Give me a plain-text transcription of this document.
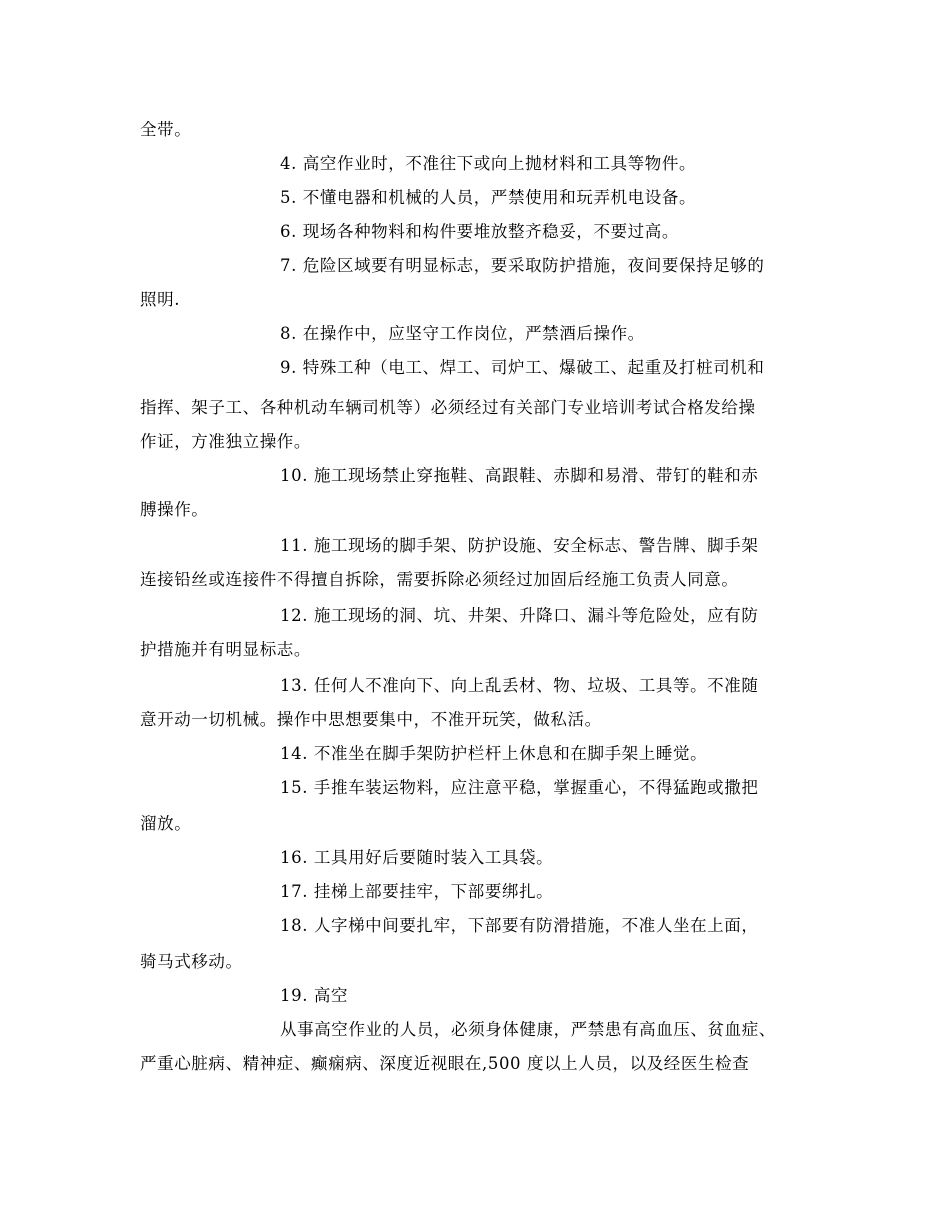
全带。
4. 高空作业时，不准往下或向上抛材料和工具等物件。
5. 不懂电器和机械的人员，严禁使用和玩弄机电设备。
6. 现场各种物料和构件要堆放整齐稳妥，不要过高。
7. 危险区域要有明显标志，要采取防护措施，夜间要保持足够的
照明.
8. 在操作中，应坚守工作岗位，严禁酒后操作。
9. 特殊工种（电工、焊工、司炉工、爆破工、起重及打桩司机和
指挥、架子工、各种机动车辆司机等）必须经过有关部门专业培训考试合格发给操
作证，方准独立操作。
10. 施工现场禁止穿拖鞋、高跟鞋、赤脚和易滑、带钉的鞋和赤
膊操作。
11. 施工现场的脚手架、防护设施、安全标志、警告牌、脚手架
连接铅丝或连接件不得擅自拆除，需要拆除必须经过加固后经施工负责人同意。
12. 施工现场的洞、坑、井架、升降口、漏斗等危险处，应有防
护措施并有明显标志。
13. 任何人不准向下、向上乱丢材、物、垃圾、工具等。不准随
意开动一切机械。操作中思想要集中，不准开玩笑，做私活。
14. 不准坐在脚手架防护栏杆上休息和在脚手架上睡觉。
15. 手推车装运物料，应注意平稳，掌握重心，不得猛跑或撒把
溜放。
16. 工具用好后要随时装入工具袋。
17. 挂梯上部要挂牢，下部要绑扎。
18. 人字梯中间要扎牢，下部要有防滑措施，不准人坐在上面，
骑马式移动。
19. 高空
从事高空作业的人员，必须身体健康，严禁患有高血压、贫血症、
严重心脏病、精神症、癫痫病、深度近视眼在,500 度以上人员，以及经医生检查
